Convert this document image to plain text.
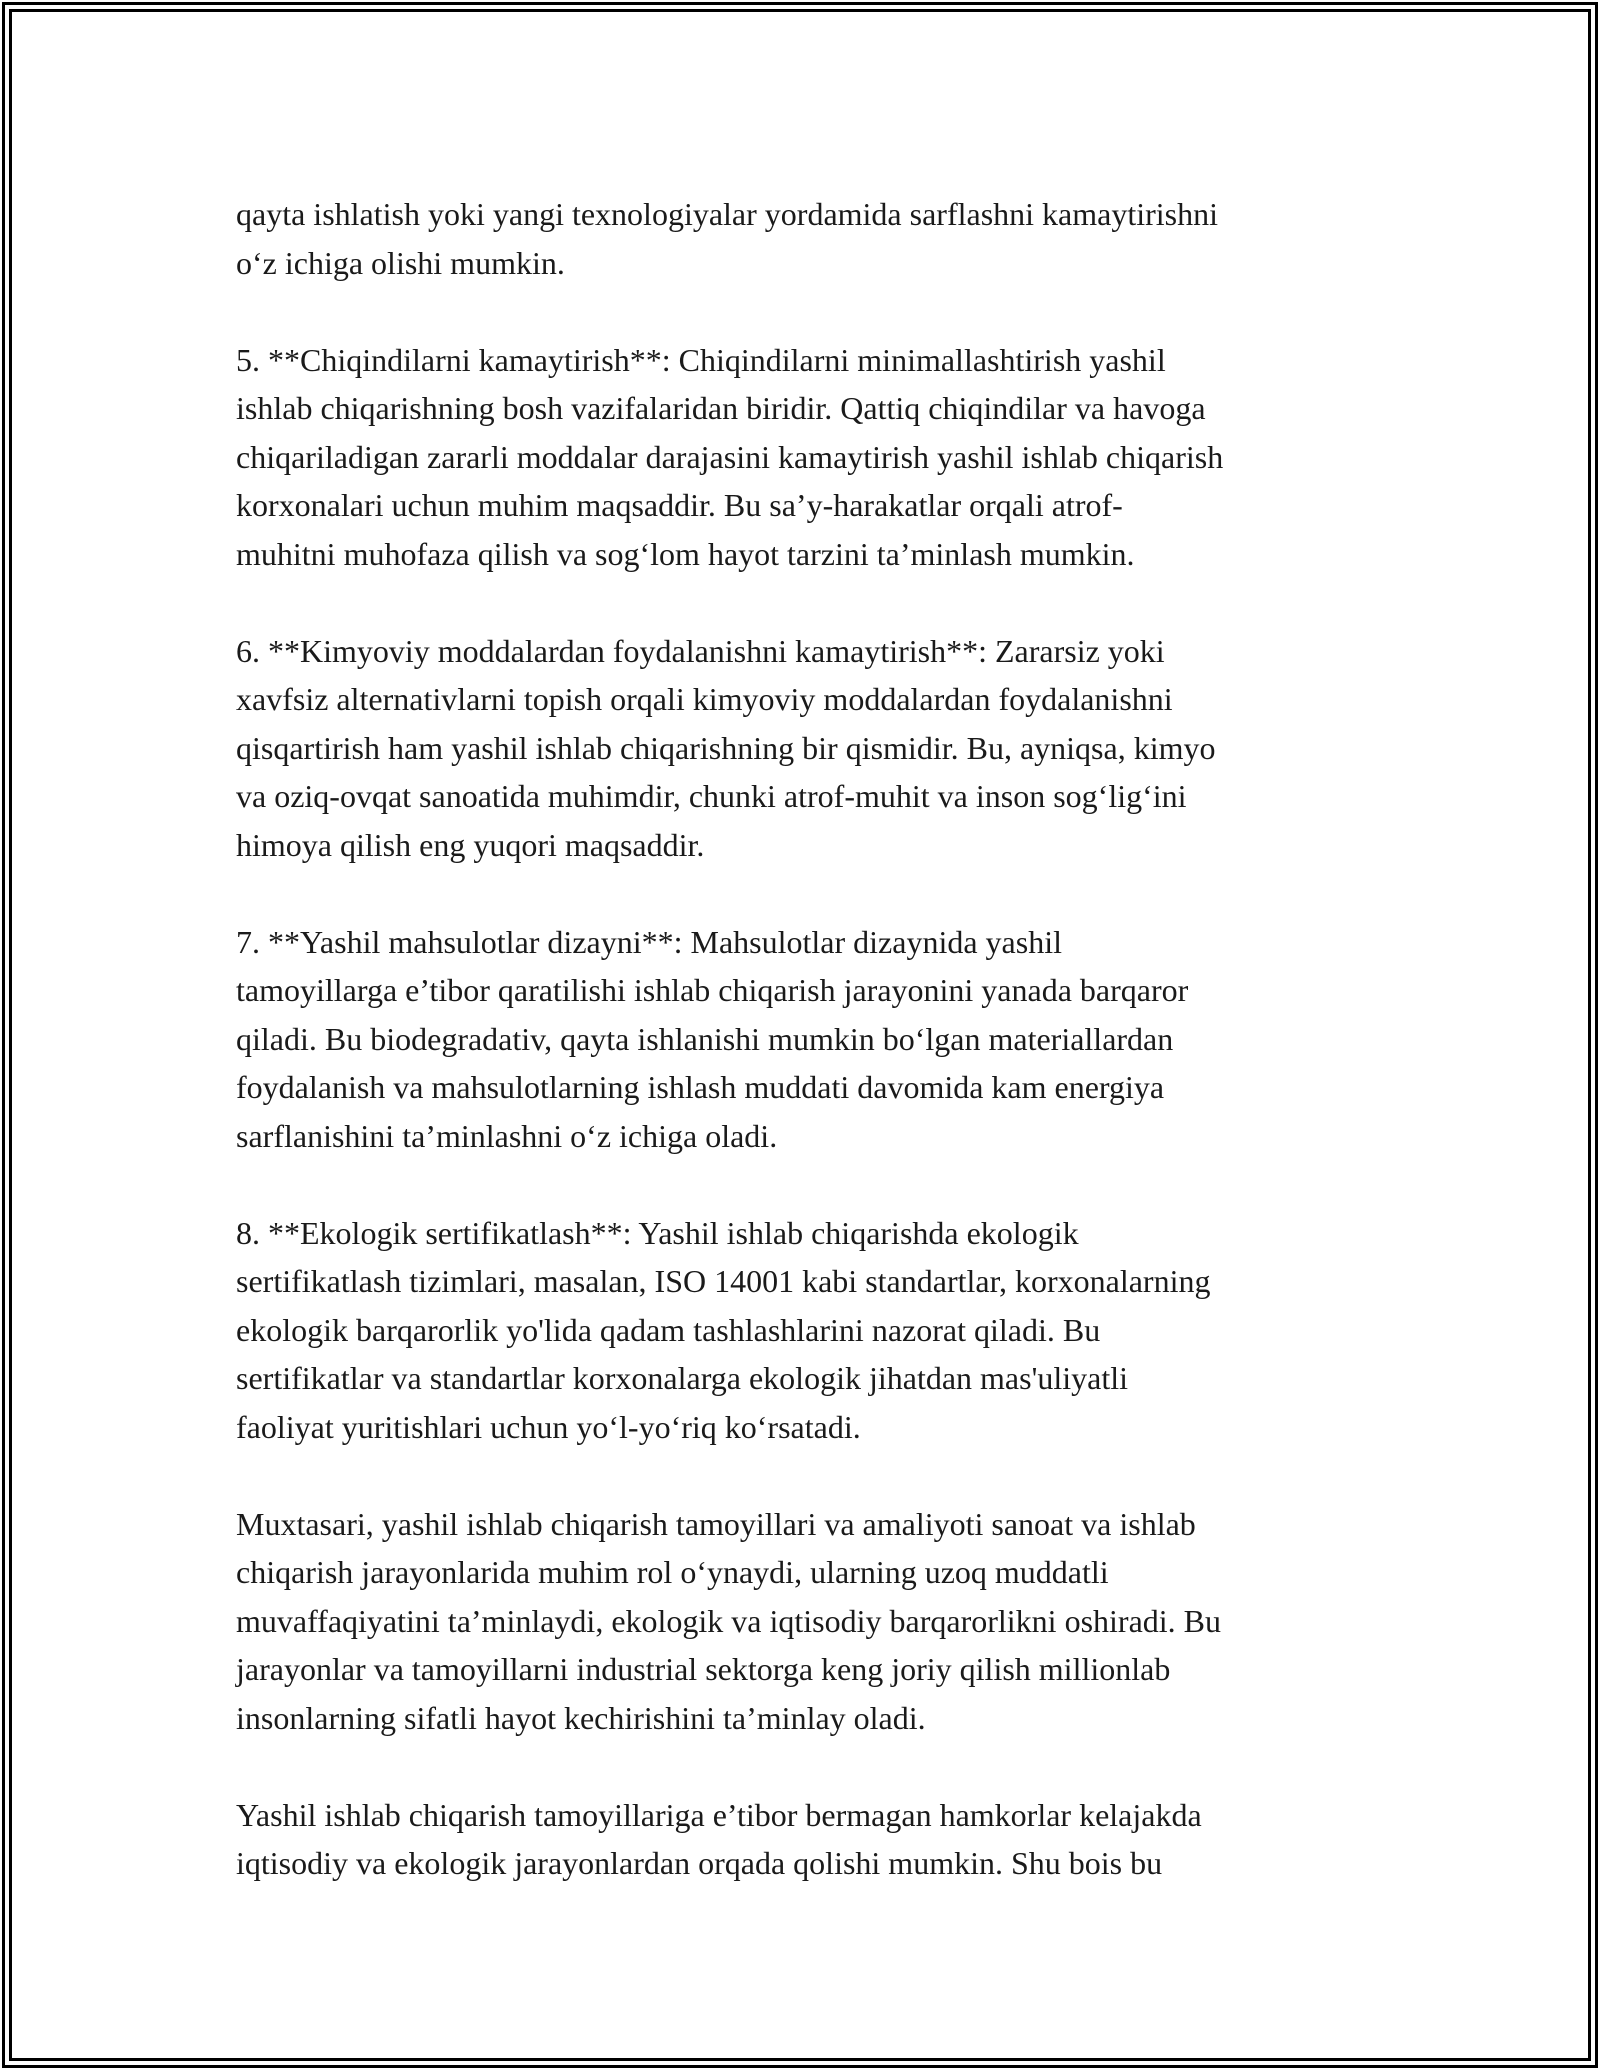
qayta ishlatish yoki yangi texnologiyalar yordamida sarflashni kamaytirishni
o‘z ichiga olishi mumkin.

5. **Chiqindilarni kamaytirish**: Chiqindilarni minimallashtirish yashil
ishlab chiqarishning bosh vazifalaridan biridir. Qattiq chiqindilar va havoga
chiqariladigan zararli moddalar darajasini kamaytirish yashil ishlab chiqarish
korxonalari uchun muhim maqsaddir. Bu sa’y-harakatlar orqali atrof-
muhitni muhofaza qilish va sog‘lom hayot tarzini ta’minlash mumkin.

6. **Kimyoviy moddalardan foydalanishni kamaytirish**: Zararsiz yoki
xavfsiz alternativlarni topish orqali kimyoviy moddalardan foydalanishni
qisqartirish ham yashil ishlab chiqarishning bir qismidir. Bu, ayniqsa, kimyo
va oziq-ovqat sanoatida muhimdir, chunki atrof-muhit va inson sog‘lig‘ini
himoya qilish eng yuqori maqsaddir.

7. **Yashil mahsulotlar dizayni**: Mahsulotlar dizaynida yashil
tamoyillarga e’tibor qaratilishi ishlab chiqarish jarayonini yanada barqaror
qiladi. Bu biodegradativ, qayta ishlanishi mumkin bo‘lgan materiallardan
foydalanish va mahsulotlarning ishlash muddati davomida kam energiya
sarflanishini ta’minlashni o‘z ichiga oladi.

8. **Ekologik sertifikatlash**: Yashil ishlab chiqarishda ekologik
sertifikatlash tizimlari, masalan, ISO 14001 kabi standartlar, korxonalarning
ekologik barqarorlik yo'lida qadam tashlashlarini nazorat qiladi. Bu
sertifikatlar va standartlar korxonalarga ekologik jihatdan mas'uliyatli
faoliyat yuritishlari uchun yo‘l-yo‘riq ko‘rsatadi.

Muxtasari, yashil ishlab chiqarish tamoyillari va amaliyoti sanoat va ishlab
chiqarish jarayonlarida muhim rol o‘ynaydi, ularning uzoq muddatli
muvaffaqiyatini ta’minlaydi, ekologik va iqtisodiy barqarorlikni oshiradi. Bu
jarayonlar va tamoyillarni industrial sektorga keng joriy qilish millionlab
insonlarning sifatli hayot kechirishini ta’minlay oladi.

Yashil ishlab chiqarish tamoyillariga e’tibor bermagan hamkorlar kelajakda
iqtisodiy va ekologik jarayonlardan orqada qolishi mumkin. Shu bois bu
